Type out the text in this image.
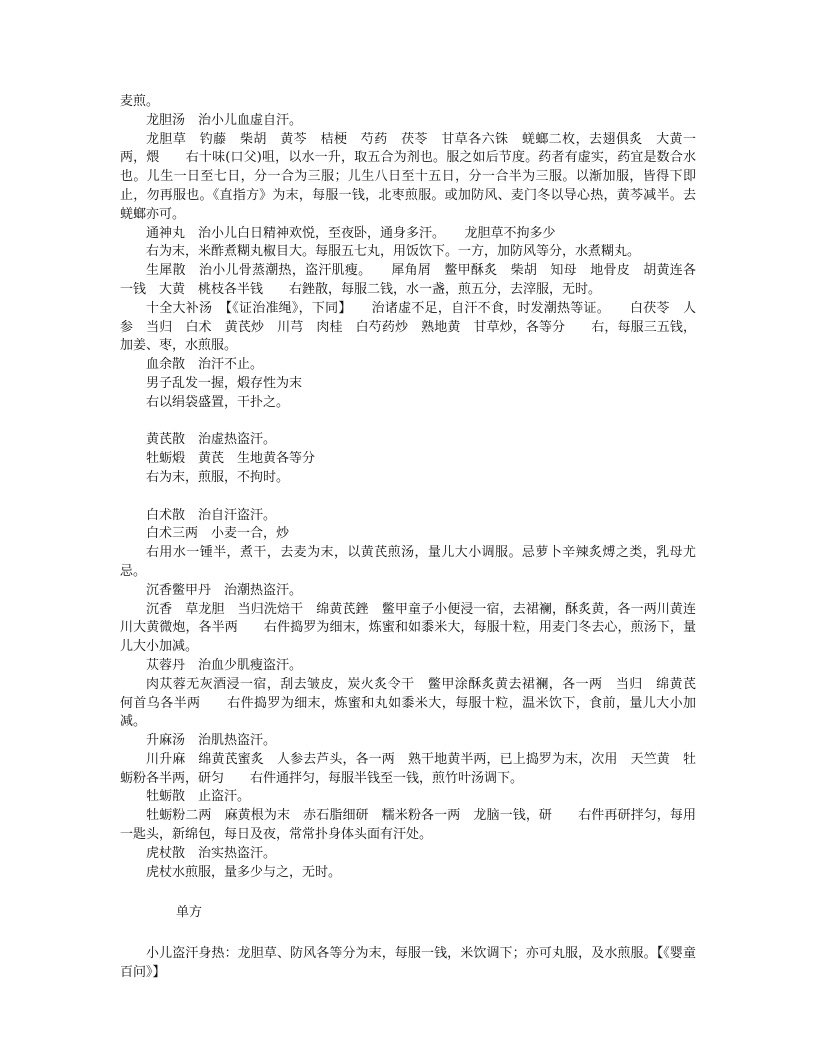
麦煎。

龙胆汤　治小儿血虚自汗。

龙胆草　钓藤　柴胡　黄芩　桔梗　芍药　茯苓　甘草各六铢　蜣螂二枚，去翅俱炙　大黄一两，煨　　右十味(口父)咀，以水一升，取五合为剂也。服之如后节度。药者有虚实，药宜是数合水也。儿生一日至七日，分一合为三服；儿生八日至十五日，分一合半为三服。以渐加服，皆得下即止，勿再服也。《直指方》为末，每服一钱，北枣煎服。或加防风、麦门冬以导心热，黄芩减半。去蜣螂亦可。

通神丸　治小儿白日精神欢悦，至夜卧，通身多汗。　　龙胆草不拘多少

右为末，米酢煮糊丸椒目大。每服五七丸，用饭饮下。一方，加防风等分，水煮糊丸。

生犀散　治小儿骨蒸潮热，盗汗肌瘦。　　犀角屑　鳖甲酥炙　柴胡　知母　地骨皮　胡黄连各一钱　大黄　桃枝各半钱　　右銼散，每服二钱，水一盏，煎五分，去滓服，无时。

十全大补汤　【《证治准绳》，下同】　　治诸虚不足，自汗不食，时发潮热等证。　　白茯苓　人参　当归　白术　黄芪炒　川芎　肉桂　白芍药炒　熟地黄　甘草炒，各等分　　右，每服三五钱，加姜、枣，水煎服。

血余散　治汗不止。

男子乱发一握，煅存性为末

右以绢袋盛置，干扑之。

黄芪散　治虚热盗汗。

牡蛎煅　黄芪　生地黄各等分

右为末，煎服，不拘时。

白术散　治自汗盗汗。

白术三两　小麦一合，炒

右用水一锺半，煮干，去麦为末，以黄芪煎汤，量儿大小调服。忌萝卜辛辣炙煿之类，乳母尤忌。

沉香鳖甲丹　治潮热盗汗。

沉香　草龙胆　当归洗焙干　绵黄芪銼　鳖甲童子小便浸一宿，去裙襕，酥炙黄，各一两川黄连　川大黄微炮，各半两　　右件捣罗为细末，炼蜜和如黍米大，每服十粒，用麦门冬去心，煎汤下，量儿大小加减。

苁蓉丹　治血少肌瘦盗汗。

肉苁蓉无灰酒浸一宿，刮去皱皮，炭火炙令干　鳖甲涂酥炙黄去裙襕，各一两　当归　绵黄芪　何首乌各半两　　右件捣罗为细末，炼蜜和丸如黍米大，每服十粒，温米饮下，食前，量儿大小加减。

升麻汤　治肌热盗汗。

川升麻　绵黄芪蜜炙　人参去芦头，各一两　熟干地黄半两，已上捣罗为末，次用　天竺黄　牡蛎粉各半两，研匀　　右件通拌匀，每服半钱至一钱，煎竹叶汤调下。

牡蛎散　止盗汗。

牡蛎粉二两　麻黄根为末　赤石脂细研　糯米粉各一两　龙脑一钱，研　　右件再研拌匀，每用一匙头，新绵包，每日及夜，常常扑身体头面有汗处。

虎杖散　治实热盗汗。

虎杖水煎服，量多少与之，无时。

单方

小儿盗汗身热：龙胆草、防风各等分为末，每服一钱，米饮调下；亦可丸服，及水煎服。【《婴童百问》】
